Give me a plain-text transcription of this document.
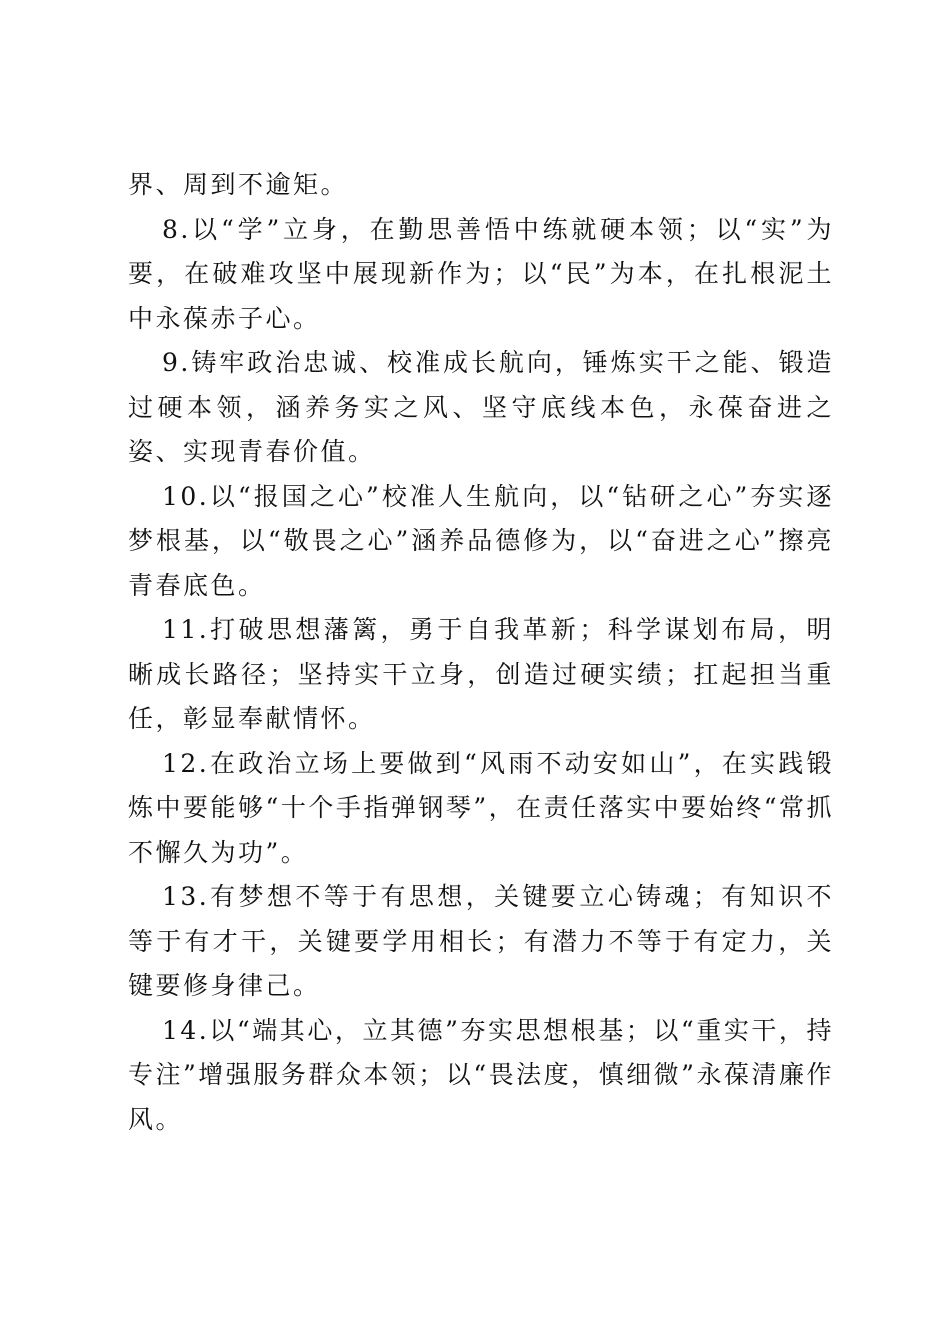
界、周到不逾矩。

8.以“学”立身，在勤思善悟中练就硬本领；以“实”为要，在破难攻坚中展现新作为；以“民”为本，在扎根泥土中永葆赤子心。

9.铸牢政治忠诚、校准成长航向，锤炼实干之能、锻造过硬本领，涵养务实之风、坚守底线本色，永葆奋进之姿、实现青春价值。

10.以“报国之心”校准人生航向，以“钻研之心”夯实逐梦根基，以“敬畏之心”涵养品德修为，以“奋进之心”擦亮青春底色。

11.打破思想藩篱，勇于自我革新；科学谋划布局，明晰成长路径；坚持实干立身，创造过硬实绩；扛起担当重任，彰显奉献情怀。

12.在政治立场上要做到“风雨不动安如山”，在实践锻炼中要能够“十个手指弹钢琴”，在责任落实中要始终“常抓不懈久为功”。

13.有梦想不等于有思想，关键要立心铸魂；有知识不等于有才干，关键要学用相长；有潜力不等于有定力，关键要修身律己。

14.以“端其心，立其德”夯实思想根基；以“重实干，持专注”增强服务群众本领；以“畏法度，慎细微”永葆清廉作风。
